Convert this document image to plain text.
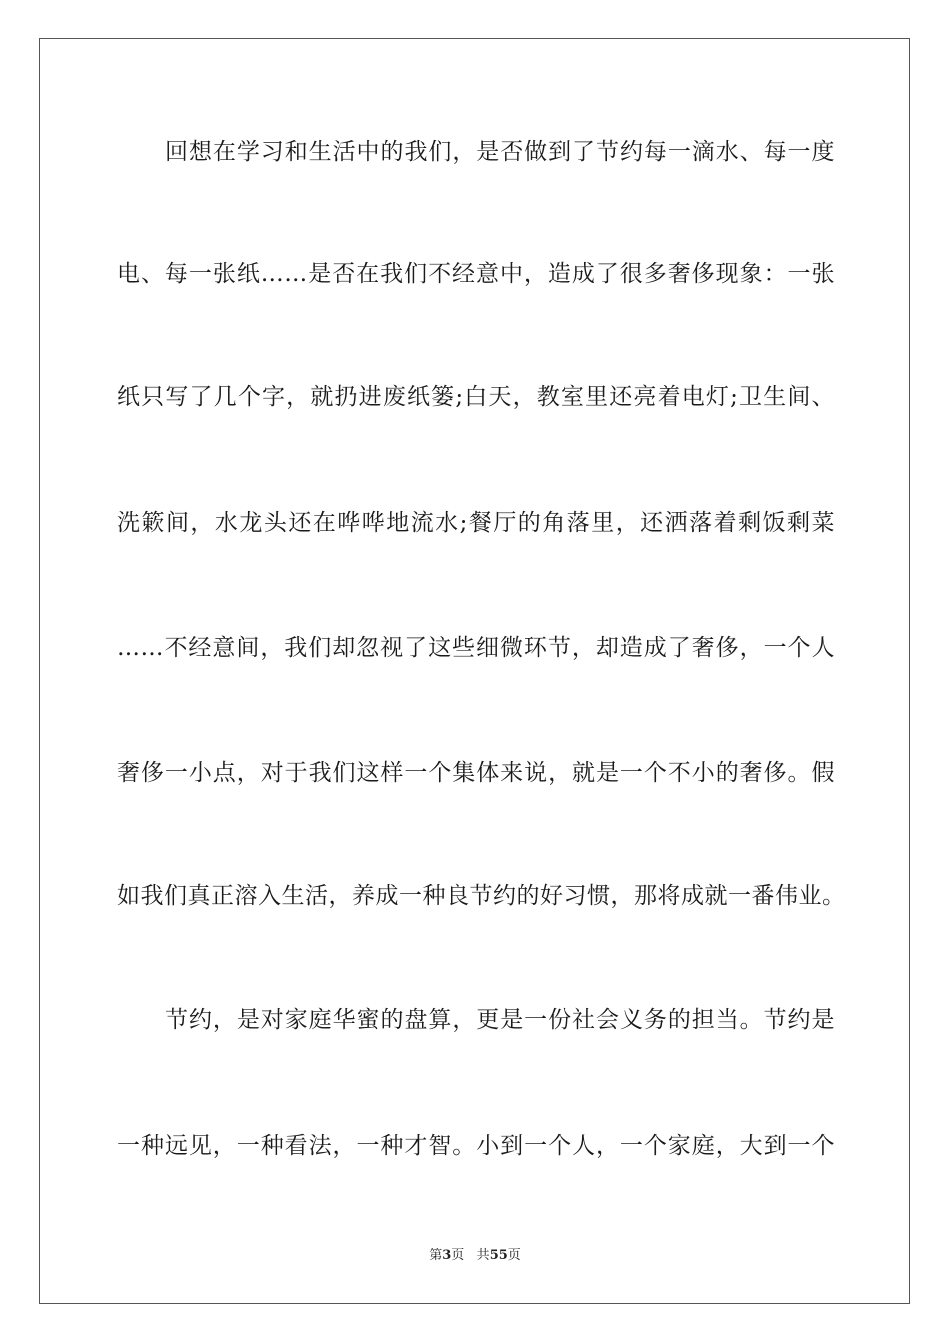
回想在学习和生活中的我们，是否做到了节约每一滴水、每一度
电、每一张纸……是否在我们不经意中，造成了很多奢侈现象：一张
纸只写了几个字，就扔进废纸篓;白天，教室里还亮着电灯;卫生间、
洗簌间，水龙头还在哗哗地流水;餐厅的角落里，还洒落着剩饭剩菜
……不经意间，我们却忽视了这些细微环节，却造成了奢侈，一个人
奢侈一小点，对于我们这样一个集体来说，就是一个不小的奢侈。假
如我们真正溶入生活，养成一种良节约的好习惯，那将成就一番伟业。
节约，是对家庭华蜜的盘算，更是一份社会义务的担当。节约是
一种远见，一种看法，一种才智。小到一个人，一个家庭，大到一个
第3页 共55页
